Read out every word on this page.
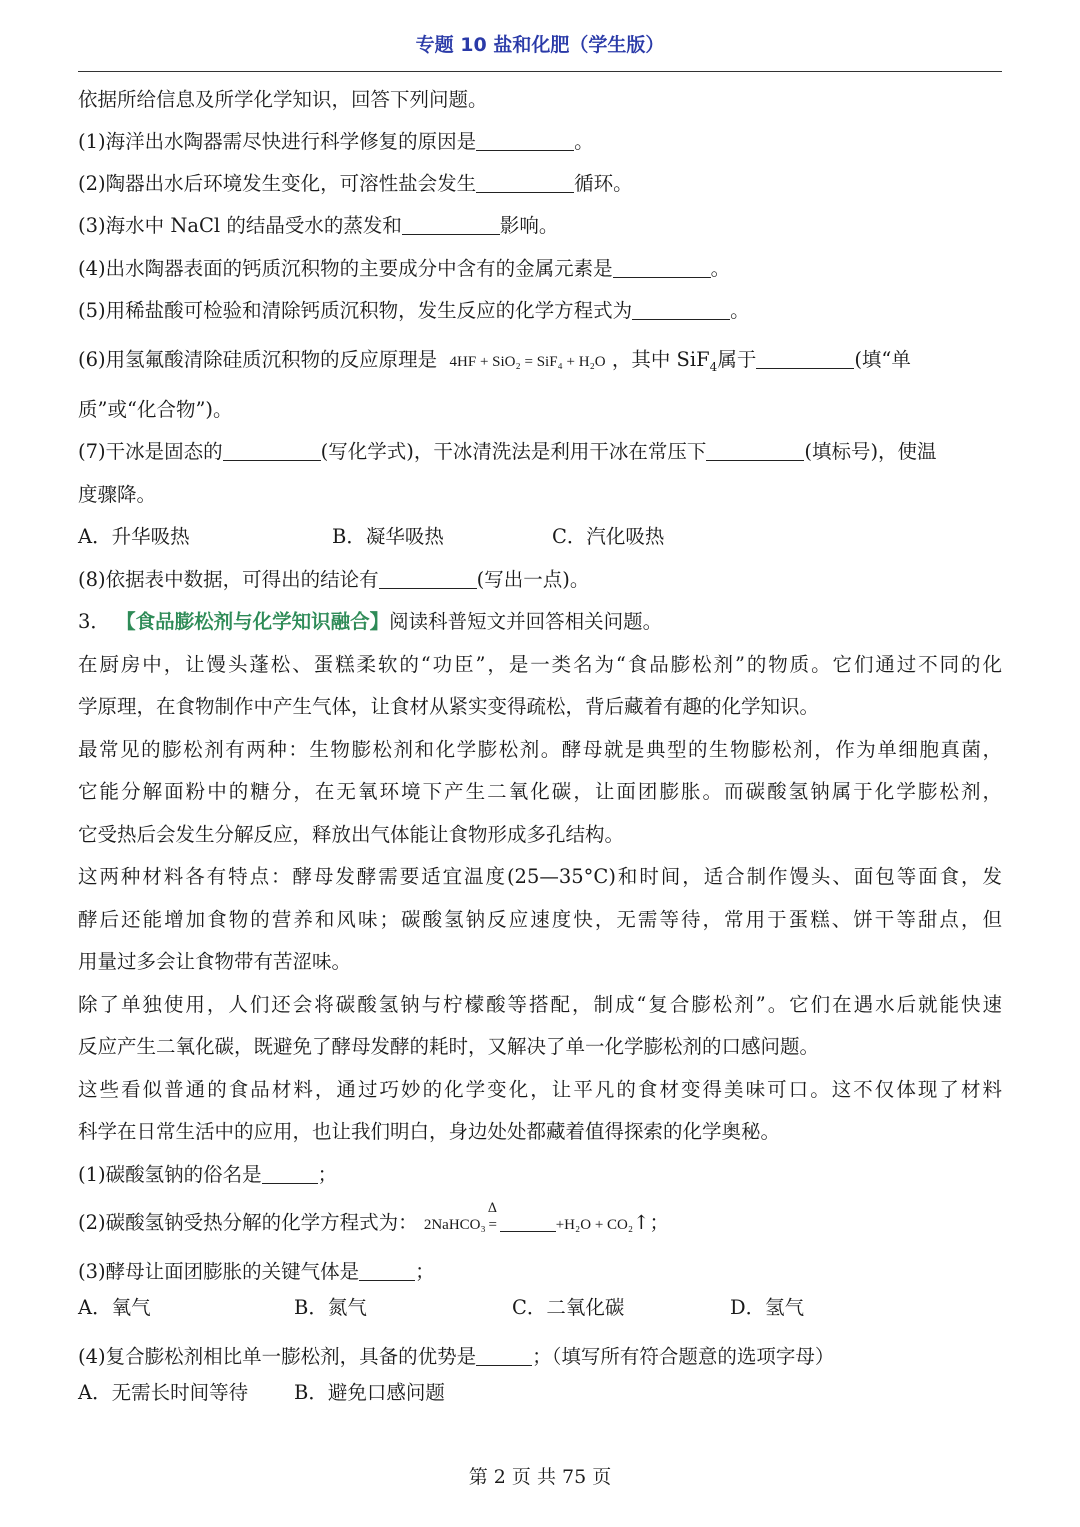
专题 10 盐和化肥（学生版）
依据所给信息及所学化学知识，回答下列问题。
(1)海洋出水陶器需尽快进行科学修复的原因是	。
(2)陶器出水后环境发生变化，可溶性盐会发生	循环。
(3)海水中 NaCl 的结晶受水的蒸发和	影响。
(4)出水陶器表面的钙质沉积物的主要成分中含有的金属元素是	。
(5)用稀盐酸可检验和清除钙质沉积物，发生反应的化学方程式为	。
(6)用氢氟酸清除硅质沉积物的反应原理是 4HF + SiO₂ = SiF₄ + H₂O ，其中 SiF$_4$属于	(填“单
质”或“化合物”)。
(7)干冰是固态的	(写化学式)，干冰清洗法是利用干冰在常压下	(填标号)，使温
度骤降。
A．升华吸热	B．凝华吸热	C．汽化吸热
(8)依据表中数据，可得出的结论有	(写出一点)。
3． 【食品膨松剂与化学知识融合】阅读科普短文并回答相关问题。
在厨房中，让馒头蓬松、蛋糕柔软的“功臣”，是一类名为“食品膨松剂”的物质。它们通过不同的化
学原理，在食物制作中产生气体，让食材从紧实变得疏松，背后藏着有趣的化学知识。
最常见的膨松剂有两种：生物膨松剂和化学膨松剂。酵母就是典型的生物膨松剂，作为单细胞真菌，
它能分解面粉中的糖分，在无氧环境下产生二氧化碳，让面团膨胀。而碳酸氢钠属于化学膨松剂，
它受热后会发生分解反应，释放出气体能让食物形成多孔结构。
这两种材料各有特点：酵母发酵需要适宜温度(25—35°C)和时间，适合制作馒头、面包等面食，发
酵后还能增加食物的营养和风味；碳酸氢钠反应速度快，无需等待，常用于蛋糕、饼干等甜点，但
用量过多会让食物带有苦涩味。
除了单独使用，人们还会将碳酸氢钠与柠檬酸等搭配，制成“复合膨松剂”。它们在遇水后就能快速
反应产生二氧化碳，既避免了酵母发酵的耗时，又解决了单一化学膨松剂的口感问题。
这些看似普通的食品材料，通过巧妙的化学变化，让平凡的食材变得美味可口。这不仅体现了材料
科学在日常生活中的应用，也让我们明白，身边处处都藏着值得探索的化学奥秘。
(1)碳酸氢钠的俗名是	；
(2)碳酸氢钠受热分解的化学方程式为： 2NaHCO₃
Δ
=	+H₂O + CO₂↑；
(3)酵母让面团膨胀的关键气体是	；
A．氧气	B．氮气	C．二氧化碳	D．氢气
(4)复合膨松剂相比单一膨松剂，具备的优势是	；（填写所有符合题意的选项字母）
A．无需长时间等待 B．避免口感问题
第 2 页 共 75 页
